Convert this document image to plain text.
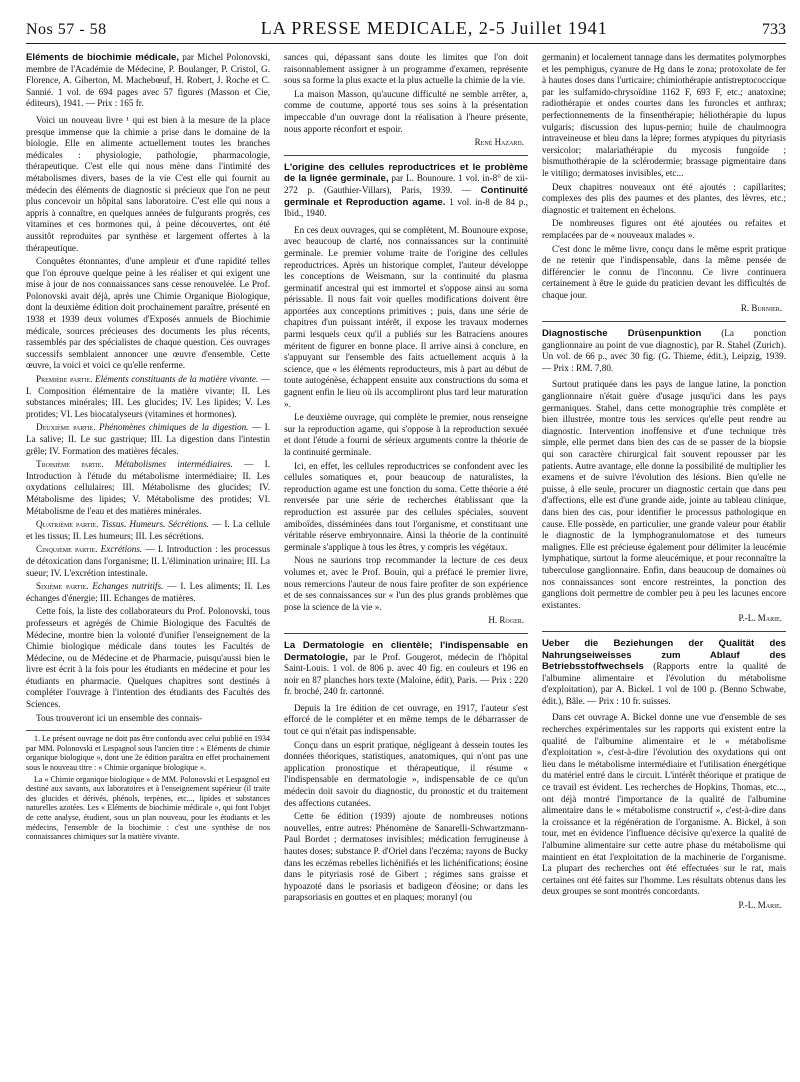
Nos 57 - 58	LA PRESSE MEDICALE, 2-5 Juillet 1941	733
Eléments de biochimie médicale, par Michel Polonovski, membre de l'Académie de Médecine, P. Boulanger, P. Cristol, G. Florence, A. Giberton, M. Machebœuf, H. Robert, J. Roche et C. Sannié. 1 vol. de 694 pages avec 57 figures (Masson et Cie, éditeurs), 1941. — Prix : 165 fr.

Voici un nouveau livre ¹ qui est bien à la mesure de la place presque immense que la chimie a prise dans le domaine de la biologie. Elle en alimente actuellement toutes les branches médicales : physiologie, pathologie, pharmacologie, thérapeutique. C'est elle qui nous mène dans l'intimité des métabolismes divers, bases de la vie C'est elle qui fournit au médecin des éléments de diagnostic si précieux que l'on ne peut plus concevoir un hôpital sans laboratoire. C'est elle qui nous a appris à connaître, en quelques années de fulgurants progrès, ces vitamines et ces hormones qui, à peine découvertes, ont été aussitôt reproduites par synthèse et largement offertes à la thérapeutique.

Conquêtes étonnantes, d'une ampleur et d'une rapidité telles que l'on éprouve quelque peine à les réaliser et qui exigent une mise à jour de nos connaissances sans cesse renouvelée. Le Prof. Polonovski avait déjà, après une Chimie Organique Biologique, dont la deuxième édition doit prochainement paraître, présenté en 1938 et 1939 deux volumes d'Exposés annuels de Biochimie médicale, sources précieuses des documents les plus récents, rassemblés par des spécialistes de chaque question. Ces ouvrages successifs semblaient annoncer une œuvre d'ensemble. Cette œuvre, la voici et voici ce qu'elle renferme.

Première partie. Eléments constituants de la matière vivante. — I. Composition élémentaire de la matière vivante; II. Les substances minérales; III. Les glucides; IV. Les lipides; V. Les protides; VI. Les biocatalyseurs (vitamines et hormones).

Deuxième partie. Phénomènes chimiques de la digestion. — I. La salive; II. Le suc gastrique; III. La digestion dans l'intestin grêle; IV. Formation des matières fécales.

Troisième partie. Métabolismes intermédiaires. — I. Introduction à l'étude du métabolisme intermédiaire; II. Les oxydations cellulaires; III. Métabolisme des glucides; IV. Métabolisme des lipides; V. Métabolisme des protides; VI. Métabolisme de l'eau et des matières minérales.

Quatrième partie. Tissus. Humeurs. Sécrétions. — I. La cellule et les tissus; II. Les humeurs; III. Les sécrétions.

Cinquième partie. Excrétions. — I. Introduction : les processus de détoxication dans l'organisme; II. L'élimination urinaire; III. La sueur; IV. L'excrétion intestinale.

Sixième partie. Echanges nutritifs. — I. Les aliments; II. Les échanges d'énergie; III. Echanges de matières.

Cette fois, la liste des collaborateurs du Prof. Polonovski, tous professeurs et agrégés de Chimie Biologique des Facultés de Médecine, montre bien la volonté d'unifier l'enseignement de la Chimie biologique médicale dans toutes les Facultés de Médecine, ou de Médecine et de Pharmacie, puisqu'aussi bien le livre est écrit à la fois pour les étudiants en médecine et pour les étudiants en pharmacie. Quelques chapitres sont destinés à compléter l'ouvrage à l'intention des étudiants des Facultés des Sciences.

Tous trouveront ici un ensemble des connais-

1. Le présent ouvrage ne doit pas être confondu avec celui publié en 1934 par MM. Polonovski et Lespagnol sous l'ancien titre : « Eléments de chimie organique biologique », dont une 2e édition paraîtra en effet prochainement sous le nouveau titre : « Chimie organique biologique ».

La « Chimie organique biologique » de MM. Polonovski et Lespagnol est destiné aux savants, aux laboratoires et à l'enseignement supérieur (il traite des glucides et dérivés, phénols, terpènes, etc..., lipides et substances naturelles azotées. Les « Eléments de biochimie médicale », qui font l'objet de cette analyse, étudient, sous un plan nouveau, pour les étudiants et les médecins, l'ensemble de la biochimie : c'est une synthèse de nos connaissances chimiques sur la matière vivante.

sances qui, dépassant sans doute les limites que l'on doit raisonnablement assigner à un programme d'examen, représente sous sa forme la plus exacte et la plus actuelle la chimie de la vie.

La maison Masson, qu'aucune difficulté ne semble arrêter, a, comme de coutume, apporté tous ses soins à la présentation impeccable d'un ouvrage dont la réalisation à l'heure présente, nous apporte réconfort et espoir.

René Hazard.
L'origine des cellules reproductrices et le problème de la lignée germinale, par L. Bounoure. 1 vol. in-8° de xii-272 p. (Gauthier-Villars), Paris, 1939. — Continuité germinale et Reproduction agame. 1 vol. in-8 de 84 p., Ibid., 1940.

En ces deux ouvrages, qui se complètent, M. Bounoure expose, avec beaucoup de clarté, nos connaissances sur la continuité germinale. Le premier volume traite de l'origine des cellules reproductrices. Après un historique complet, l'auteur développe les conceptions de Weismann, sur la continuité du plasma germinatif ancestral qui est immortel et s'oppose ainsi au soma périssable. Il nous fait voir quelles modifications doivent être apportées aux conceptions primitives ; puis, dans une série de chapitres d'un puissant intérêt, il expose les travaux modernes parmi lesquels ceux qu'il a publiés sur les Batraciens anoures méritent de figurer en bonne place. Il arrive ainsi à conclure, en s'appuyant sur l'ensemble des faits actuellement acquis à la science, que « les éléments reproducteurs, mis à part au début de toute autogénèse, échappent ensuite aux constructions du soma et gagnent enfin le lieu où ils accompliront plus tard leur maturation ».

Le deuxième ouvrage, qui complète le premier, nous renseigne sur la reproduction agame, qui s'oppose à la reproduction sexuée et dont l'étude a fourni de sérieux arguments contre la théorie de la continuité germinale.

Ici, en effet, les cellules reproductrices se confondent avec les cellules somatiques et, pour beaucoup de naturalistes, la reproduction agame est une fonction du soma. Cette théorie a été renversée par une série de recherches établissant que la reproduction est assurée par des cellules spéciales, souvent amiboïdes, disséminées dans tout l'organisme, et constituant une véritable réserve embryonnaire. Ainsi la théorie de la continuité germinale s'applique à tous les êtres, y compris les végétaux.

Nous ne saurions trop recommander la lecture de ces deux volumes et, avec le Prof. Bouin, qui a préfacé le premier livre, nous remercions l'auteur de nous faire profiter de son expérience et de ses connaissances sur « l'un des plus grands problèmes que pose la science de la vie ».

H. Roger.
La Dermatologie en clientèle; l'indispensable en Dermatologie, par le Prof. Gougerot, médecin de l'hôpital Saint-Louis. 1 vol. de 806 p. avec 40 fig. en couleurs et 196 en noir en 87 planches hors texte (Maloine, édit), Paris. — Prix : 220 fr. broché, 240 fr. cartonné.

Depuis la 1re édition de cet ouvrage, en 1917, l'auteur s'est efforcé de le compléter et en même temps de le débarrasser de tout ce qui n'était pas indispensable.

Conçu dans un esprit pratique, négligeant à dessein toutes les données théoriques, statistiques, anatomiques, qui n'ont pas une application pronostique et thérapeutique, il résume « l'indispensable en dermatologie », indispensable de ce qu'un médecin doit savoir du diagnostic, du pronostic et du traitement des affections cutanées.

Cette 6e édition (1939) ajoute de nombreuses notions nouvelles, entre autres: Phénomène de Sanarelli-Schwartzmann-Paul Bordet ; dermatoses invisibles; médication ferrugineuse à hautes doses; substance P. d'Oriel dans l'eczéma; rayons de Bucky dans les eczémas rebelles lichénifiés et les lichénifications; éosine dans le pityriasis rosé de Gibert ; régimes sans graisse et hypoazoté dans le psoriasis et badigeon d'éosine; or dans les parapsoriasis en gouttes et en plaques; moranyl (ou

germanin) et localement tannage dans les dermatites polymorphes et les pemphigus, cyanure de Hg dans le zona; protoxolate de fer à hautes doses dans l'urticaire; chimiothérapie antistreptococcique par les sulfamido-chrysoïdine 1162 F, 693 F, etc.; anatoxine; radiothérapie et ondes courtes dans les furoncles et anthrax; perfectionnements de la finsenthérapie; héliothérapie du lupus vulgaris; discussion des lupus-pernio; huile de chaulmoogra intraveineuse et bleu dans la lèpre; formes atypiques du pityriasis versicolor; malariathérapie du mycosis fungoïde ; bismuthothérapie de la sclérodermie; brassage pigmentaire dans le vitiligo; dermatoses invisibles, etc...

Deux chapitres nouveaux ont été ajoutés : capillarites; complexes des plis des paumes et des plantes, des lèvres, etc.; diagnostic et traitement en échelons.

De nombreuses figures ont été ajoutées ou refaites et remplacées par de « nouveaux malades ».

C'est donc le même livre, conçu dans le même esprit pratique de ne retenir que l'indispensable, dans la même pensée de différencier le connu de l'inconnu. Ce livre continuera certainement à être le guide du praticien devant les difficultés de chaque jour.

R. Burnier.
Diagnostische Drüsenpunktion (La ponction ganglionnaire au point de vue diagnostic), par R. Stahel (Zurich). Un vol. de 66 p., avec 30 fig. (G. Thieme, édit.), Leipzig, 1939. — Prix : RM. 7,80.

Surtout pratiquée dans les pays de langue latine, la ponction ganglionnaire n'était guère d'usage jusqu'ici dans les pays germaniques. Stahel, dans cette monographie très complète et bien illustrée, montre tous les services qu'elle peut rendre au diagnostic. Intervention inoffensive et d'une technique très simple, elle permet dans bien des cas de se passer de la biopsie qui son caractère chirurgical fait souvent repousser par les patients. Autre avantage, elle donne la possibilité de multiplier les examens et de suivre l'évolution des lésions. Bien qu'elle ne puisse, à elle seule, procurer un diagnostic certain que dans peu d'affections, elle est d'une grande aide, jointe au tableau clinique, dans bien des cas, pour identifier le processus pathologique en cause. Elle possède, en particulier, une grande valeur pour établir le diagnostic de la lymphogranulomatose et des tumeurs malignes. Elle est précieuse également pour délimiter la leucémie lymphatique, surtout la forme aleucémique, et pour reconnaître la tuberculose ganglionnaire. Enfin, dans beaucoup de domaines où nos connaissances sont encore restreintes, la ponction des ganglions doit permettre de combler peu à peu les lacunes encore existantes.

P.-L. Marie.
Ueber die Beziehungen der Qualität des Nahrungseiweisses zum Ablauf des Betriebsstoffwechsels (Rapports entre la qualité de l'albumine alimentaire et l'évolution du métabolisme d'exploitation), par A. Bickel. 1 vol de 100 p. (Benno Schwabe, édit.), Bâle. — Prix : 10 fr. suisses.

Dans cet ouvrage A. Bickel donne une vue d'ensemble de ses recherches expérimentales sur les rapports qui existent entre la qualité de l'albumine alimentaire et le « métabolisme d'exploitation », c'est-à-dire l'évolution des oxydations qui ont lieu dans le métabolisme intermédiaire et l'utilisation énergétique du matériel entré dans le circuit. L'intérêt théorique et pratique de ce travail est évident. Les recherches de Hopkins, Thomas, etc..., ont déjà montré l'importance de la qualité de l'albumine alimentaire dans le « métabolisme constructif », c'est-à-dire dans la croissance et la régénération de l'organisme. A. Bickel, à son tour, met en évidence l'influence décisive qu'exerce la qualité de l'albumine alimentaire sur cette autre phase du métabolisme qui maintient en état l'exploitation de la machinerie de l'organisme. La plupart des recherches ont été effectuées sur le rat, mais certaines ont été faites sur l'homme. Les résultats obtenus dans les deux groupes se sont montrés concordants.

P.-L. Marie.
